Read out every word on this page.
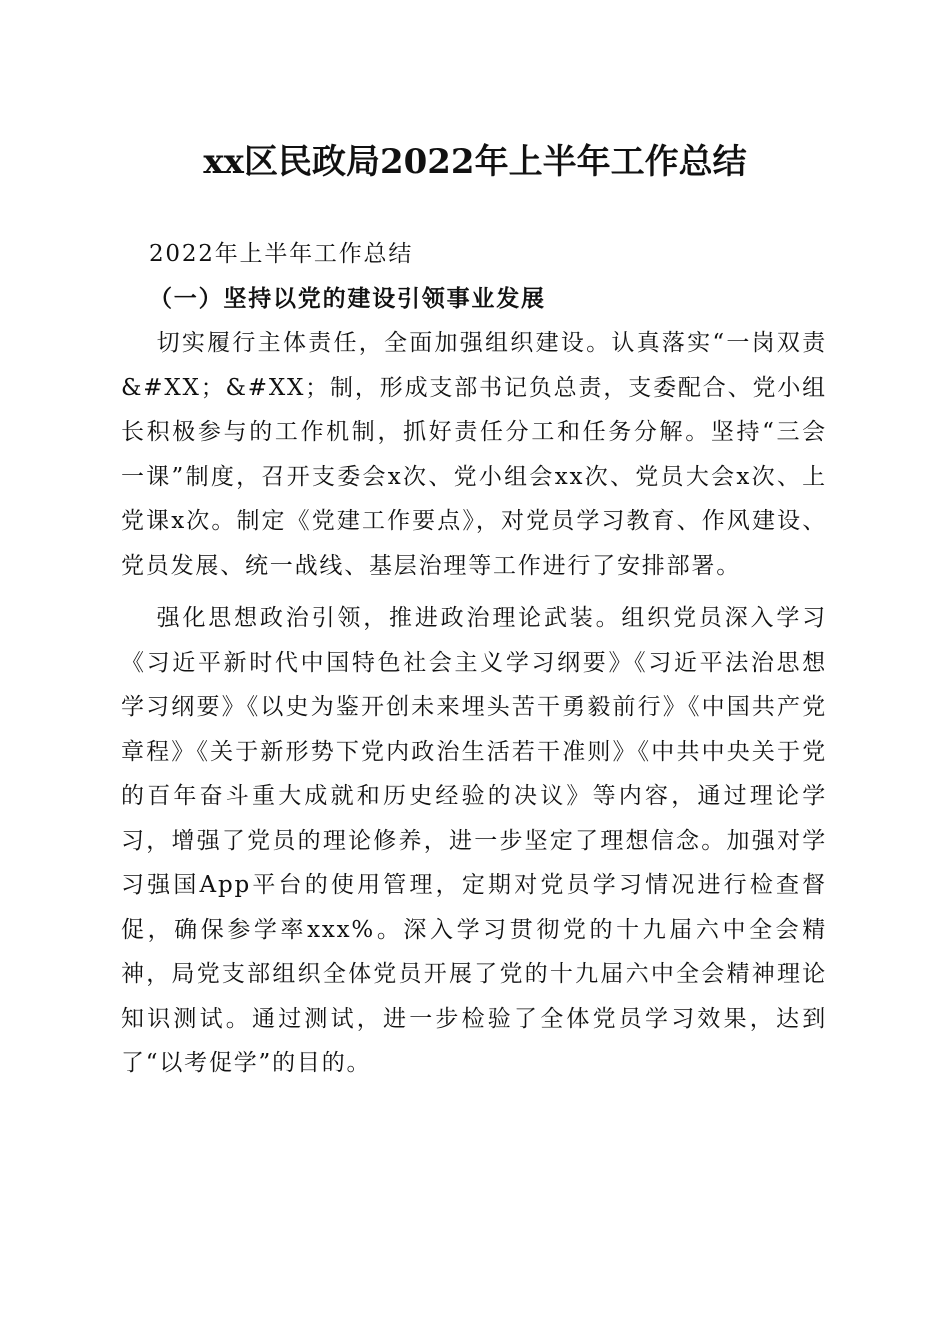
xx区民政局2022年上半年工作总结

2022年上半年工作总结

（一）坚持以党的建设引领事业发展

切实履行主体责任，全面加强组织建设。认真落实“一岗双责&#XX；&#XX；制，形成支部书记负总责，支委配合、党小组长积极参与的工作机制，抓好责任分工和任务分解。坚持“三会一课”制度，召开支委会x次、党小组会xx次、党员大会x次、上党课x次。制定《党建工作要点》，对党员学习教育、作风建设、党员发展、统一战线、基层治理等工作进行了安排部署。

强化思想政治引领，推进政治理论武装。组织党员深入学习《习近平新时代中国特色社会主义学习纲要》《习近平法治思想学习纲要》《以史为鉴开创未来埋头苦干勇毅前行》《中国共产党章程》《关于新形势下党内政治生活若干准则》《中共中央关于党的百年奋斗重大成就和历史经验的决议》等内容，通过理论学习，增强了党员的理论修养，进一步坚定了理想信念。加强对学习强国App平台的使用管理，定期对党员学习情况进行检查督促，确保参学率xxx%。深入学习贯彻党的十九届六中全会精神，局党支部组织全体党员开展了党的十九届六中全会精神理论知识测试。通过测试，进一步检验了全体党员学习效果，达到了“以考促学”的目的。
